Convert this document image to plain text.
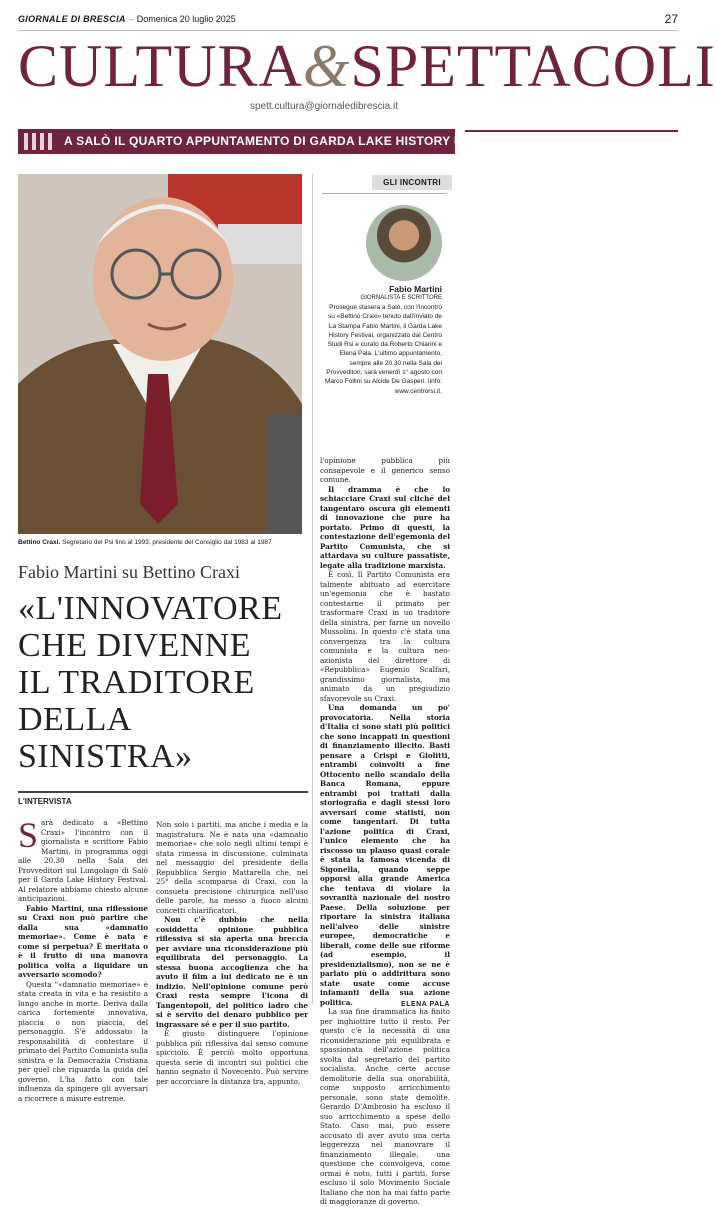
GIORNALE DI BRESCIA – Domenica 20 luglio 2025	27
CULTURA&SPETTACOLI
spett.cultura@giornaledibrescia.it
A SALÒ IL QUARTO APPUNTAMENTO DI GARDA LAKE HISTORY FESTIVAL
Bettino Craxi. Segretario del Psi fino al 1993, presidente del Consiglio dal 1983 al 1987
GLI INCONTRI
Fabio Martini
GIORNALISTA E SCRITTORE
Prosegue stasera a Salò, con l'incontro su «Bettino Craxi» tenuto dall'inviato de La Stampa Fabio Martini, il Garda Lake History Festival, organizzato dal Centro Studi Rsi e curato da Roberto Chiarini e Elena Pala. L'ultimo appuntamento, sempre alle 20.30 nella Sala dei Provveditori, sarà venerdì 1° agosto con Marco Follini su Alcide De Gasperi. Iinfo: www.centrorsi.it.
Fabio Martini su Bettino Craxi
«L'INNOVATORE
CHE DIVENNE
IL TRADITORE
DELLA SINISTRA»
L'INTERVISTA
S arà dedicato a «Bettino Craxi» l'incontro con il giornalista e scrittore Fabio Martini, in programma oggi alle 20.30 nella Sala dei Provveditori sul Lungolago di Salò per il Garda Lake History Festival. Al relatore abbiamo chiesto alcune anticipazioni.

Fabio Martini, una riflessione su Craxi non può partire che dalla sua «damnatio memoriae». Come è nata e come si perpetua? È meritata o è il frutto di una manovra politica volta a liquidare un avversario scomodo?

Questa "«damnatio memoriae» è stata creata in vita e ha resistito a lungo anche in morte. Deriva dalla carica fortemente innovativa, piaccia o non piaccia, del personaggio. S'è addossato la responsabilità di contestare il primato del Partito Comunista sulla sinistra e la Democrazia Cristiana per quel che riguarda la guida del governo. L'ha fatto con tale influenza da spingere gli avversari a ricorrere a misure estreme.

Non solo i partiti, ma anche i media e la magistratura. Ne è nata una «damnatio memoriae» che solo negli ultimi tempi è stata rimessa in discussione, culminata nel messaggio del presidente della Repubblica Sergio Mattarella che, nel 25° della scomparsa di Craxi, con la consueta precisione chirurgica nell'uso delle parole, ha messo a fuoco alcuni concetti chiarificatori.

Non c'è dubbio che nella cosiddetta opinione pubblica riflessiva si sia aperta una breccia per avviare una riconsiderazione più equilibrata del personaggio. La stessa buona accoglienza che ha avuto il film a lui dedicato ne è un indizio. Nell'opinione comune però Craxi resta sempre l'icona di Tangentopoli, del politico ladro che si è servito del denaro pubblico per ingrassare sé e per il suo partito.

È giusto distinguere l'opinione pubblica più riflessiva dal senso comune spicciolo. È perciò molto opportuna questa serie di incontri sui politici che hanno segnato il Novecento. Può servire per accorciare la distanza tra, appunto,

l'opinione pubblica più consapevole e il generico senso comune.

Il dramma è che lo schiacciare Craxi sul cliché del tangentaro oscura gli elementi di innovazione che pure ha portato. Primo di questi, la contestazione dell'egemonia del Partito Comunista, che si attardava su culture passatiste, legate alla tradizione marxista.

È così. Il Partito Comunista era talmente abituato ad esercitare un'egemonia che è bastato contestarne il primato per trasformare Craxi in un traditore della sinistra, per farne un novello Mussolini. In questo c'è stata una convergenza tra la cultura comunista e la cultura neo-azionista del direttore di «Repubblica» Eugenio Scalfari, grandissimo giornalista, ma animato da un pregiudizio sfavorevole su Craxi.

Una domanda un po' provocatoria. Nella storia d'Italia ci sono stati più politici che sono incappati in questioni di finanziamento illecito. Basti pensare a Crispi e Giolitti, entrambi coinvolti a fine Ottocento nello scandalo della Banca Romana, eppure entrambi poi trattati dalla storiografia e dagli stessi loro avversari come statisti, non come tangentari. Di tutta l'azione politica di Craxi, l'unico elemento che ha riscosso un plauso quasi corale è stata la famosa vicenda di Sigonella, quando seppe opporsi alla grande America che tentava di violare la sovranità nazionale del nostro Paese. Della soluzione per riportare la sinistra italiana nell'alveo delle sinistre europee, democratiche e liberali, come delle sue riforme (ad esempio, il presidenzialismo), non se ne è parlato più o addirittura sono state usate come accuse infamanti della sua azione politica.

La sua fine drammatica ha finito per inghiottire tutto il resto. Per questo c'è la necessità di una riconsiderazione più equilibrata e spassionata dell'azione politica svolta dal segretario del partito socialista. Anche certe accuse demolitorie della sua onorabilità, come supposto arricchimento personale, sono state demolite. Gerardo D'Ambrosio ha escluso il suo arricchimento a spese dello Stato. Caso mai, può essere accusato di aver avuto una certa leggerezza nel manovrare il finanziamento illegale, una questione che coinvolgeva, come ormai è noto, tutti i partiti, forse escluso il solo Movimento Sociale Italiano che non ha mai fatto parte di maggioranze di governo.

ELENA PALA
